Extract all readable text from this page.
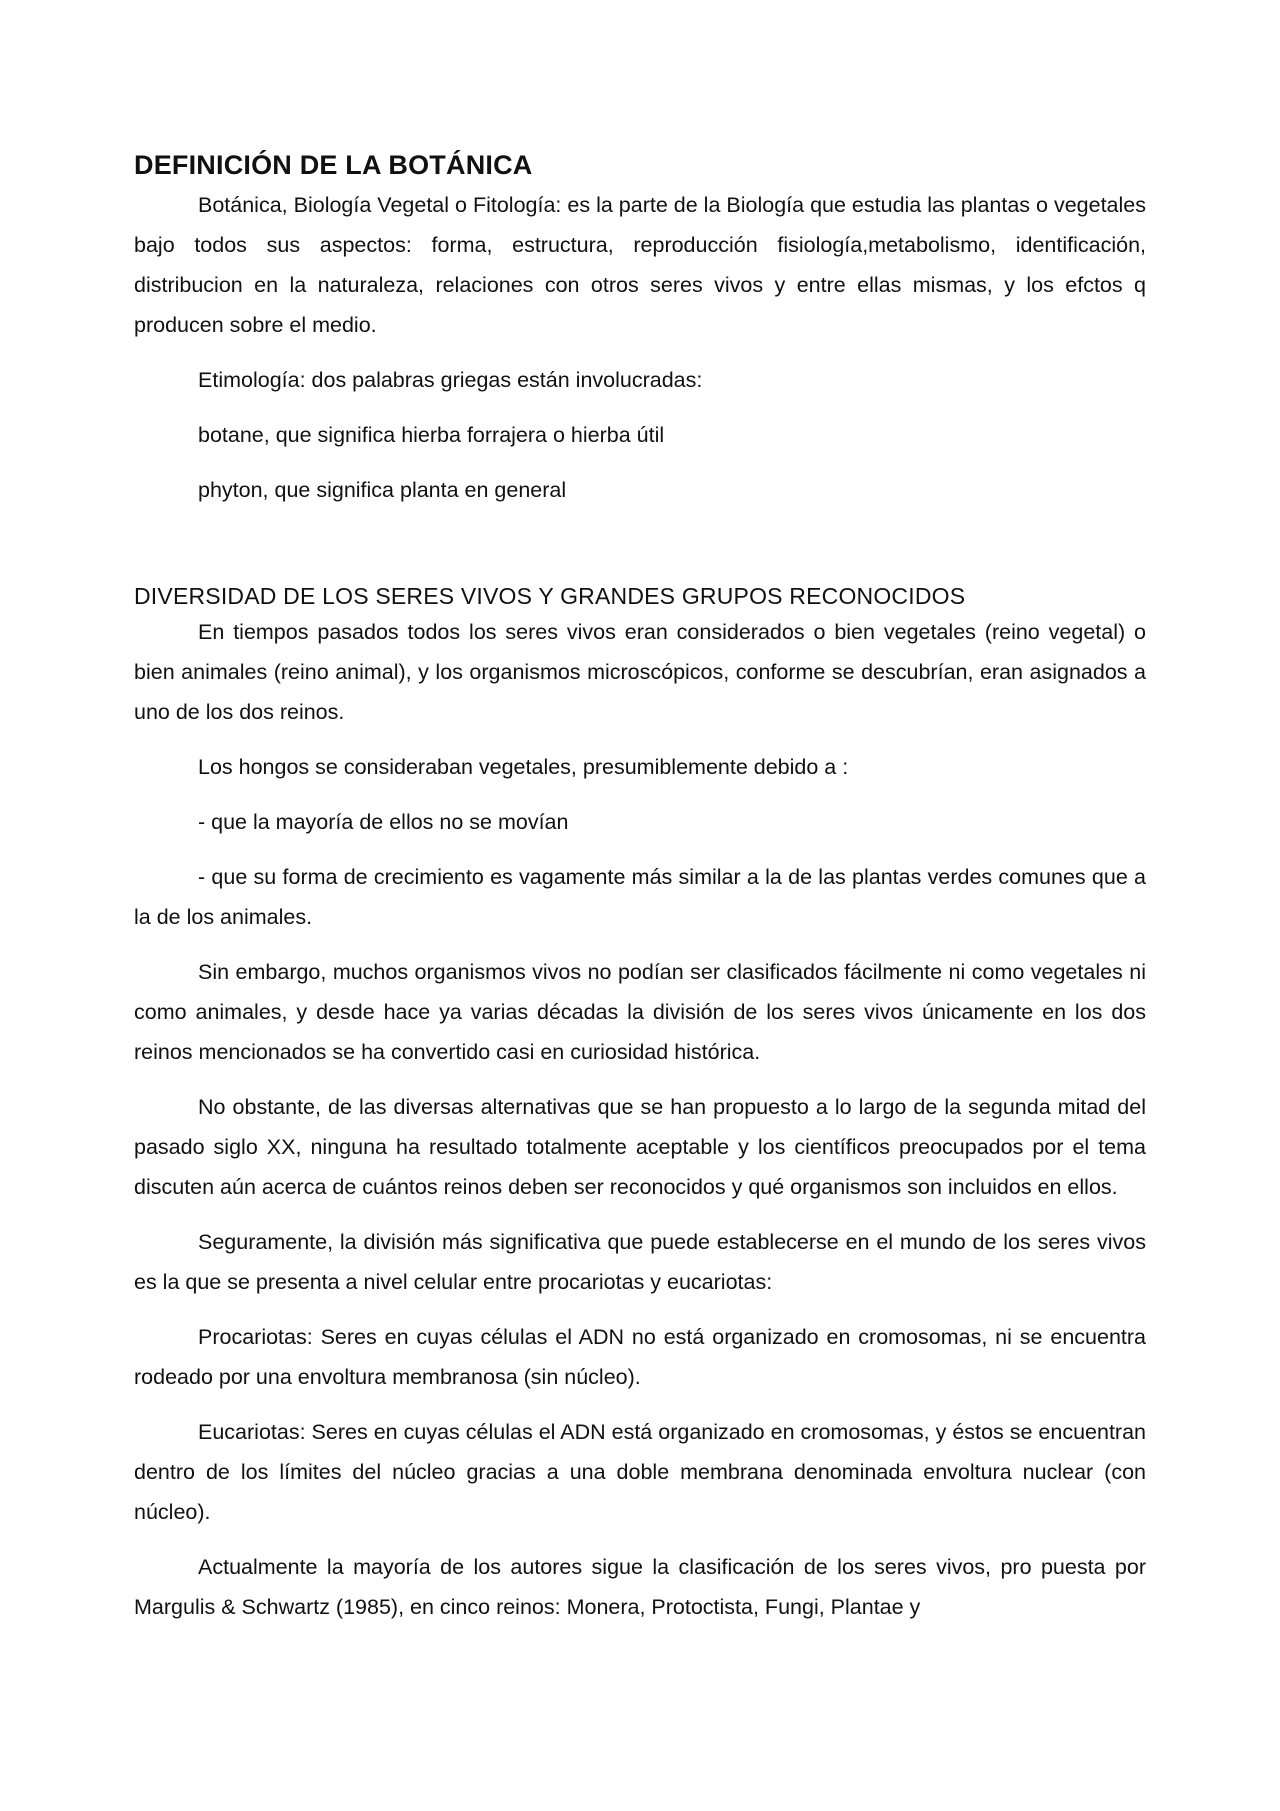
DEFINICIÓN DE LA BOTÁNICA

Botánica, Biología Vegetal o Fitología: es la parte de la Biología que estudia las plantas o vegetales bajo todos sus aspectos: forma, estructura, reproducción fisiología,metabolismo, identificación, distribucion en la naturaleza, relaciones con otros seres vivos y entre ellas mismas, y los efctos q producen sobre el medio.

Etimología: dos palabras griegas están involucradas:

botane, que significa hierba forrajera o hierba útil

phyton, que significa planta en general

DIVERSIDAD DE LOS SERES VIVOS Y GRANDES GRUPOS RECONOCIDOS

En tiempos pasados todos los seres vivos eran considerados o bien vegetales (reino vegetal) o bien animales (reino animal), y los organismos microscópicos, conforme se descubrían, eran asignados a uno de los dos reinos.

Los hongos se consideraban vegetales, presumiblemente debido a :

- que la mayoría de ellos no se movían

- que su forma de crecimiento es vagamente más similar a la de las plantas verdes comunes que a la de los animales.

Sin embargo, muchos organismos vivos no podían ser clasificados fácilmente ni como vegetales ni como animales, y desde hace ya varias décadas la división de los seres vivos únicamente en los dos reinos mencionados se ha convertido casi en curiosidad histórica.

No obstante, de las diversas alternativas que se han propuesto a lo largo de la segunda mitad del pasado siglo XX, ninguna ha resultado totalmente aceptable y los científicos preocupados por el tema discuten aún acerca de cuántos reinos deben ser reconocidos y qué organismos son incluidos en ellos.

Seguramente, la división más significativa que puede establecerse en el mundo de los seres vivos es la que se presenta a nivel celular entre procariotas y eucariotas:

Procariotas: Seres en cuyas células el ADN no está organizado en cromosomas, ni se encuentra rodeado por una envoltura membranosa (sin núcleo).

Eucariotas: Seres en cuyas células el ADN está organizado en cromosomas, y éstos se encuentran dentro de los límites del núcleo gracias a una doble membrana denominada envoltura nuclear (con núcleo).

Actualmente la mayoría de los autores sigue la clasificación de los seres vivos, pro puesta por Margulis & Schwartz (1985), en cinco reinos: Monera, Protoctista, Fungi, Plantae y
